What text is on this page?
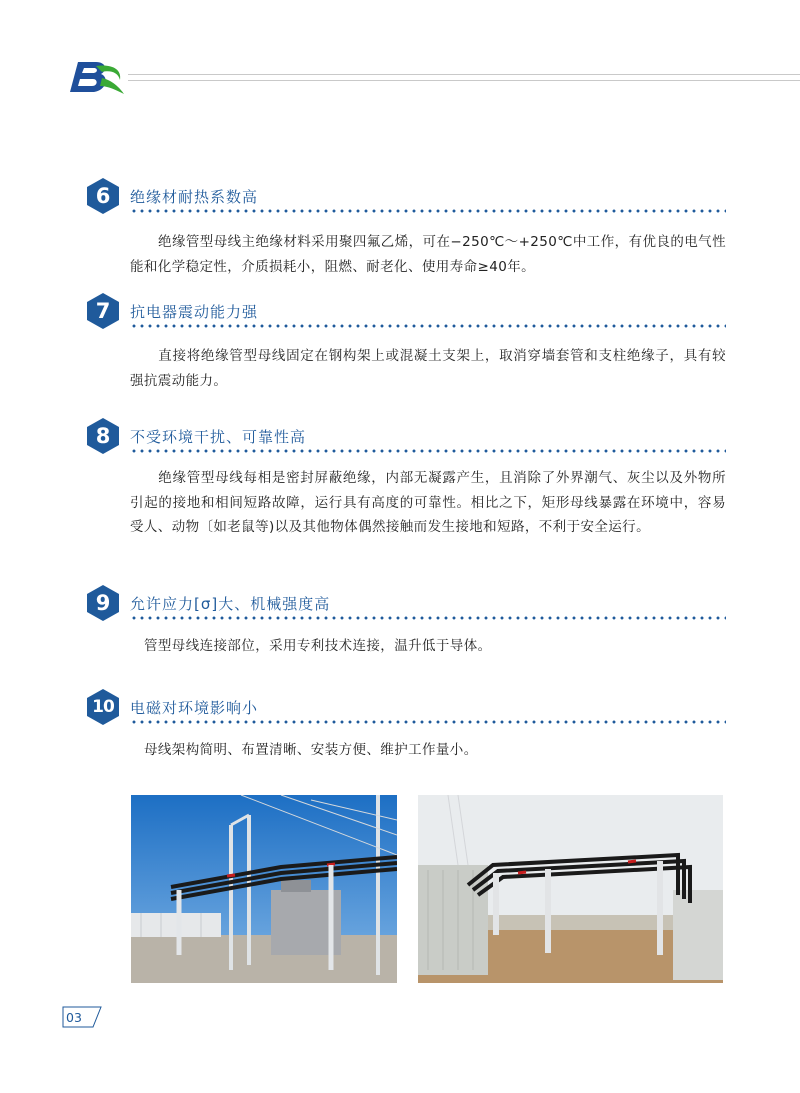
6	绝缘材耐热系数高
绝缘管型母线主绝缘材料采用聚四氟乙烯，可在−250℃～+250℃中工作，有优良的电气性能和化学稳定性，介质损耗小，阻燃、耐老化、使用寿命≥40年。
7	抗电器震动能力强
直接将绝缘管型母线固定在钢构架上或混凝土支架上，取消穿墙套管和支柱绝缘子，具有较强抗震动能力。
8	不受环境干扰、可靠性高
绝缘管型母线每相是密封屏蔽绝缘，内部无凝露产生，且消除了外界潮气、灰尘以及外物所引起的接地和相间短路故障，运行具有高度的可靠性。相比之下，矩形母线暴露在环境中，容易受人、动物〔如老鼠等)以及其他物体偶然接触而发生接地和短路，不利于安全运行。
9	允许应力[σ]大、机械强度高
管型母线连接部位，采用专利技术连接，温升低于导体。
10	电磁对环境影响小
母线架构简明、布置清晰、安装方便、维护工作量小。
03
